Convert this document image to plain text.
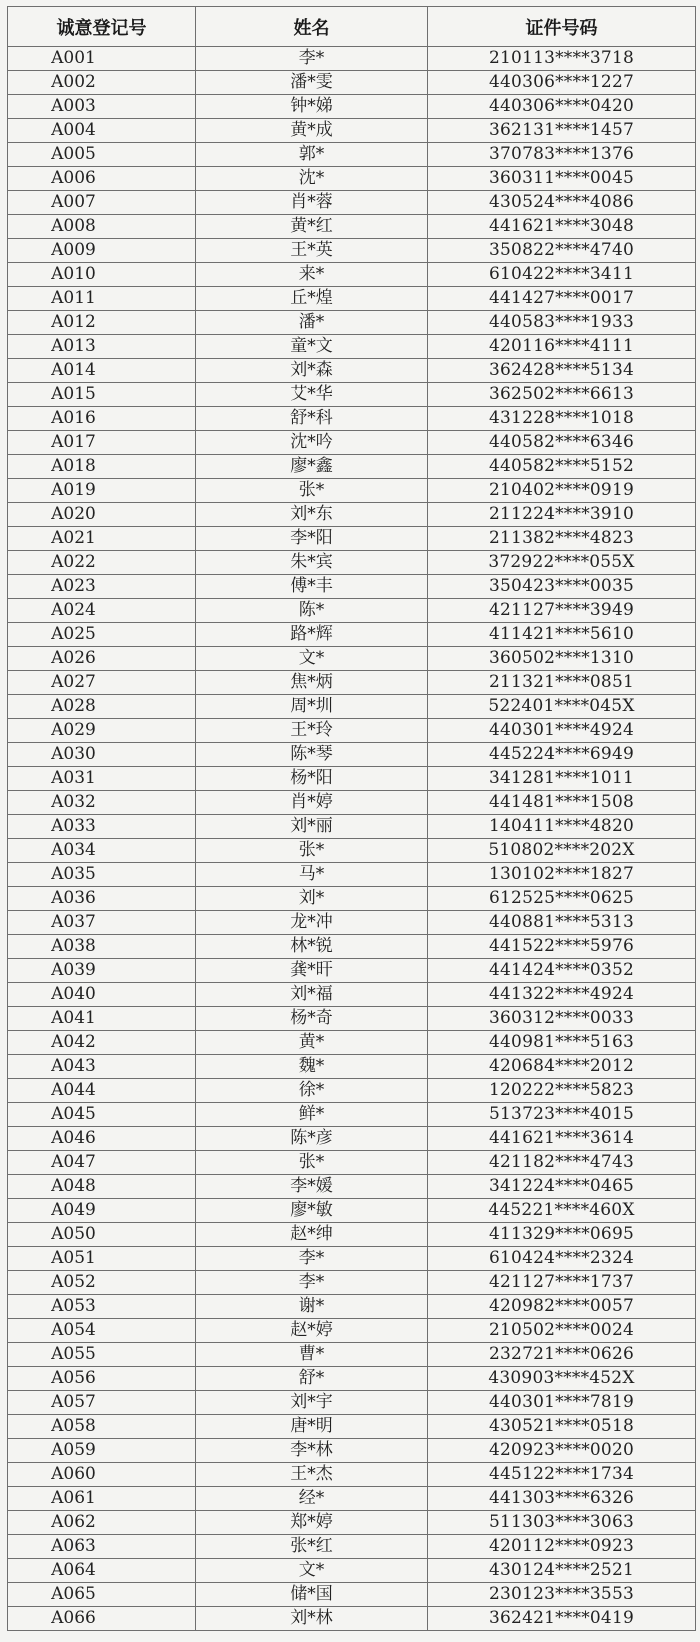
诚意登记号	姓名	证件号码
A001	李*	210113****3718
A002	潘*雯	440306****1227
A003	钟*娣	440306****0420
A004	黄*成	362131****1457
A005	郭*	370783****1376
A006	沈*	360311****0045
A007	肖*蓉	430524****4086
A008	黄*红	441621****3048
A009	王*英	350822****4740
A010	来*	610422****3411
A011	丘*煌	441427****0017
A012	潘*	440583****1933
A013	童*文	420116****4111
A014	刘*森	362428****5134
A015	艾*华	362502****6613
A016	舒*科	431228****1018
A017	沈*吟	440582****6346
A018	廖*鑫	440582****5152
A019	张*	210402****0919
A020	刘*东	211224****3910
A021	李*阳	211382****4823
A022	朱*宾	372922****055X
A023	傅*丰	350423****0035
A024	陈*	421127****3949
A025	路*辉	411421****5610
A026	文*	360502****1310
A027	焦*炳	211321****0851
A028	周*圳	522401****045X
A029	王*玲	440301****4924
A030	陈*琴	445224****6949
A031	杨*阳	341281****1011
A032	肖*婷	441481****1508
A033	刘*丽	140411****4820
A034	张*	510802****202X
A035	马*	130102****1827
A036	刘*	612525****0625
A037	龙*冲	440881****5313
A038	林*锐	441522****5976
A039	龚*旰	441424****0352
A040	刘*福	441322****4924
A041	杨*奇	360312****0033
A042	黄*	440981****5163
A043	魏*	420684****2012
A044	徐*	120222****5823
A045	鲜*	513723****4015
A046	陈*彦	441621****3614
A047	张*	421182****4743
A048	李*媛	341224****0465
A049	廖*敏	445221****460X
A050	赵*绅	411329****0695
A051	李*	610424****2324
A052	李*	421127****1737
A053	谢*	420982****0057
A054	赵*婷	210502****0024
A055	曹*	232721****0626
A056	舒*	430903****452X
A057	刘*宇	440301****7819
A058	唐*明	430521****0518
A059	李*林	420923****0020
A060	王*杰	445122****1734
A061	经*	441303****6326
A062	郑*婷	511303****3063
A063	张*红	420112****0923
A064	文*	430124****2521
A065	储*国	230123****3553
A066	刘*林	362421****0419
